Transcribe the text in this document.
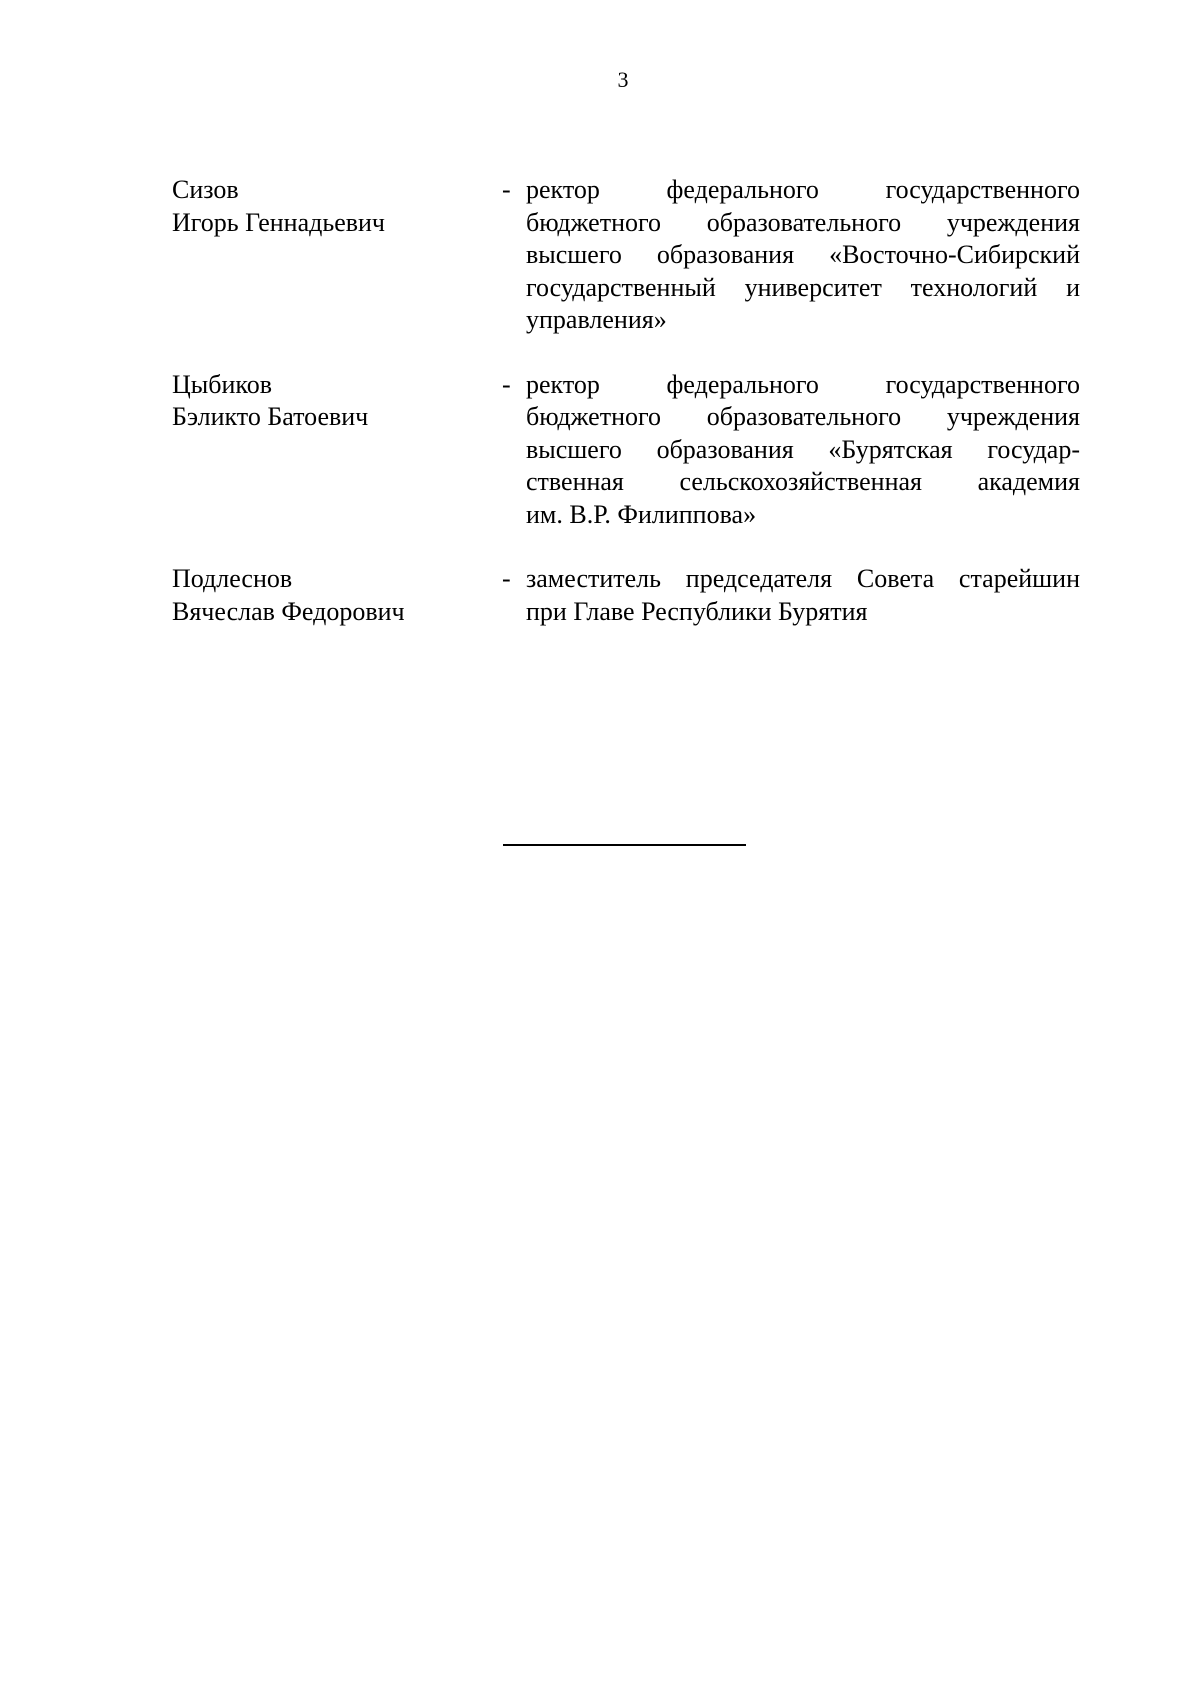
3
Сизов
Игорь Геннадьевич
- ректор федерального государственного
бюджетного образовательного учреждения
высшего образования «Восточно-Сибирский
государственный университет технологий и
управления»
Цыбиков
Бэликто Батоевич
- ректор федерального государственного
бюджетного образовательного учреждения
высшего образования «Бурятская государ-
ственная сельскохозяйственная академия
им. В.Р. Филиппова»
Подлеснов
Вячеслав Федорович
- заместитель председателя Совета старейшин
при Главе Республики Бурятия
